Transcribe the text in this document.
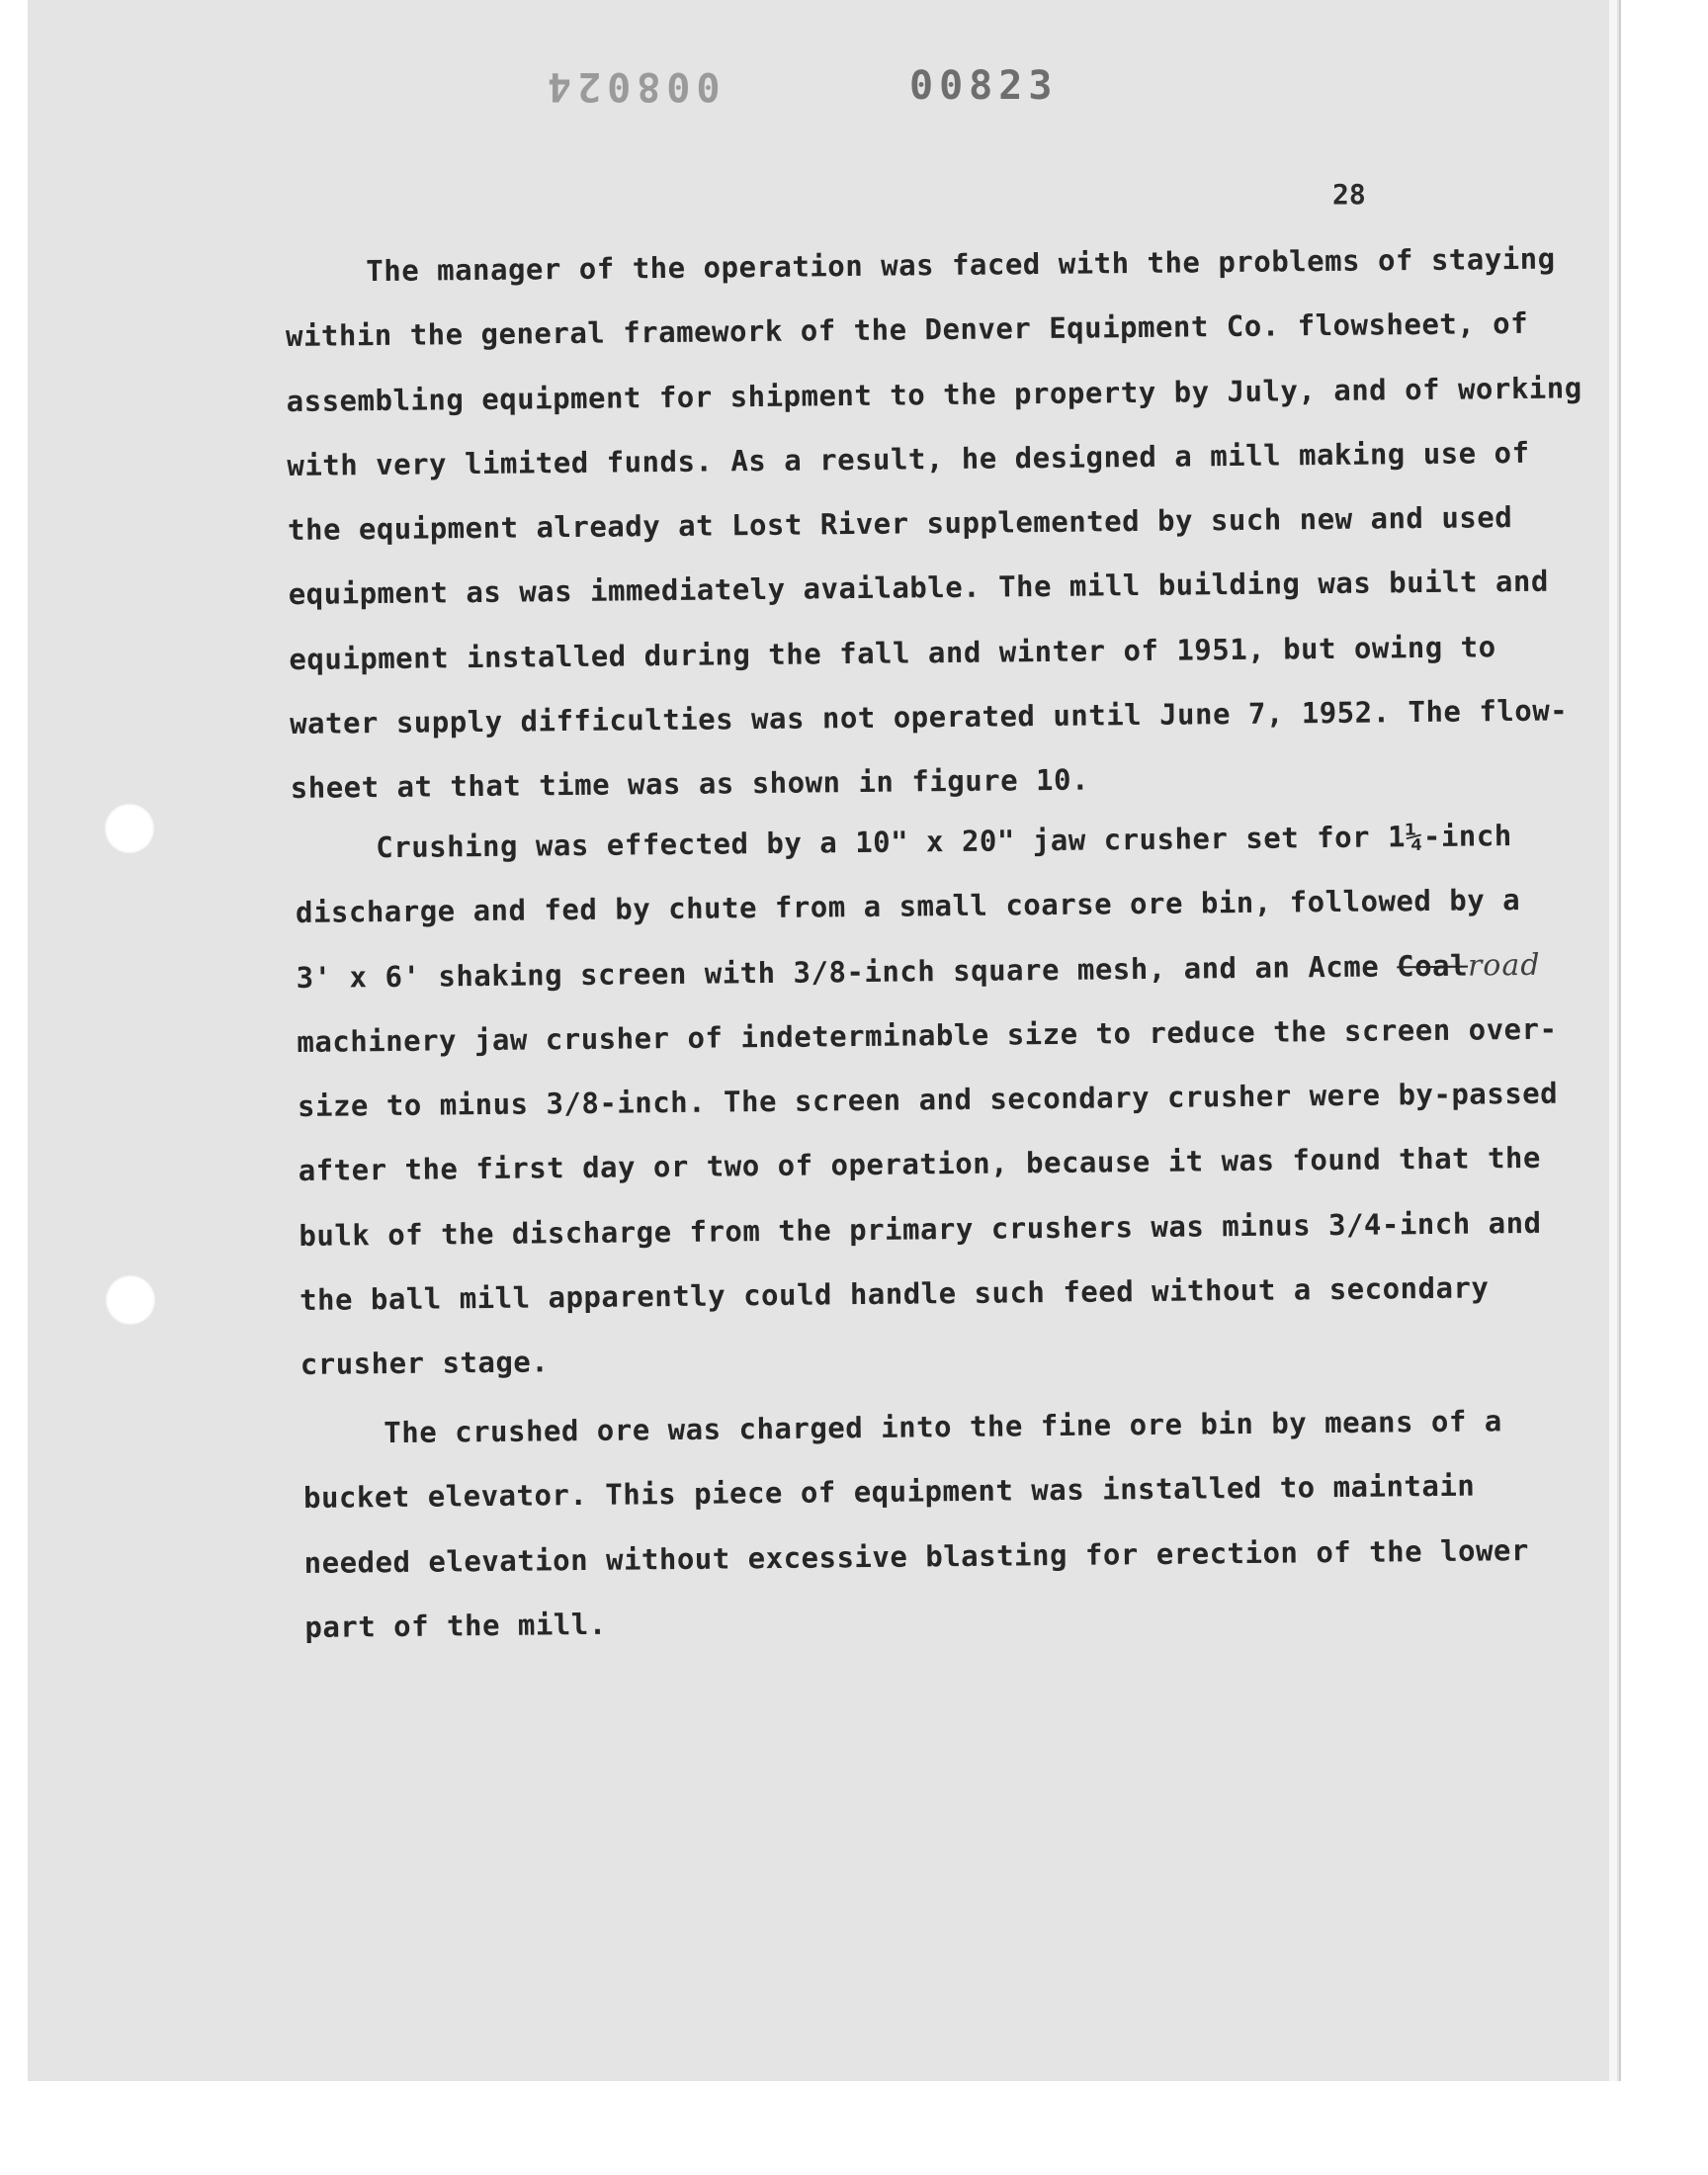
008024	00823
28

The manager of the operation was faced with the problems of staying
within the general framework of the Denver Equipment Co. flowsheet, of
assembling equipment for shipment to the property by July, and of working
with very limited funds. As a result, he designed a mill making use of
the equipment already at Lost River supplemented by such new and used
equipment as was immediately available. The mill building was built and
equipment installed during the fall and winter of 1951, but owing to
water supply difficulties was not operated until June 7, 1952. The flow-
sheet at that time was as shown in figure 10.

Crushing was effected by a 10" x 20" jaw crusher set for 1¼-inch
discharge and fed by chute from a small coarse ore bin, followed by a
3' x 6' shaking screen with 3/8-inch square mesh, and an Acme Coalroad
machinery jaw crusher of indeterminable size to reduce the screen over-
size to minus 3/8-inch. The screen and secondary crusher were by-passed
after the first day or two of operation, because it was found that the
bulk of the discharge from the primary crushers was minus 3/4-inch and
the ball mill apparently could handle such feed without a secondary
crusher stage.

The crushed ore was charged into the fine ore bin by means of a
bucket elevator. This piece of equipment was installed to maintain
needed elevation without excessive blasting for erection of the lower
part of the mill.
